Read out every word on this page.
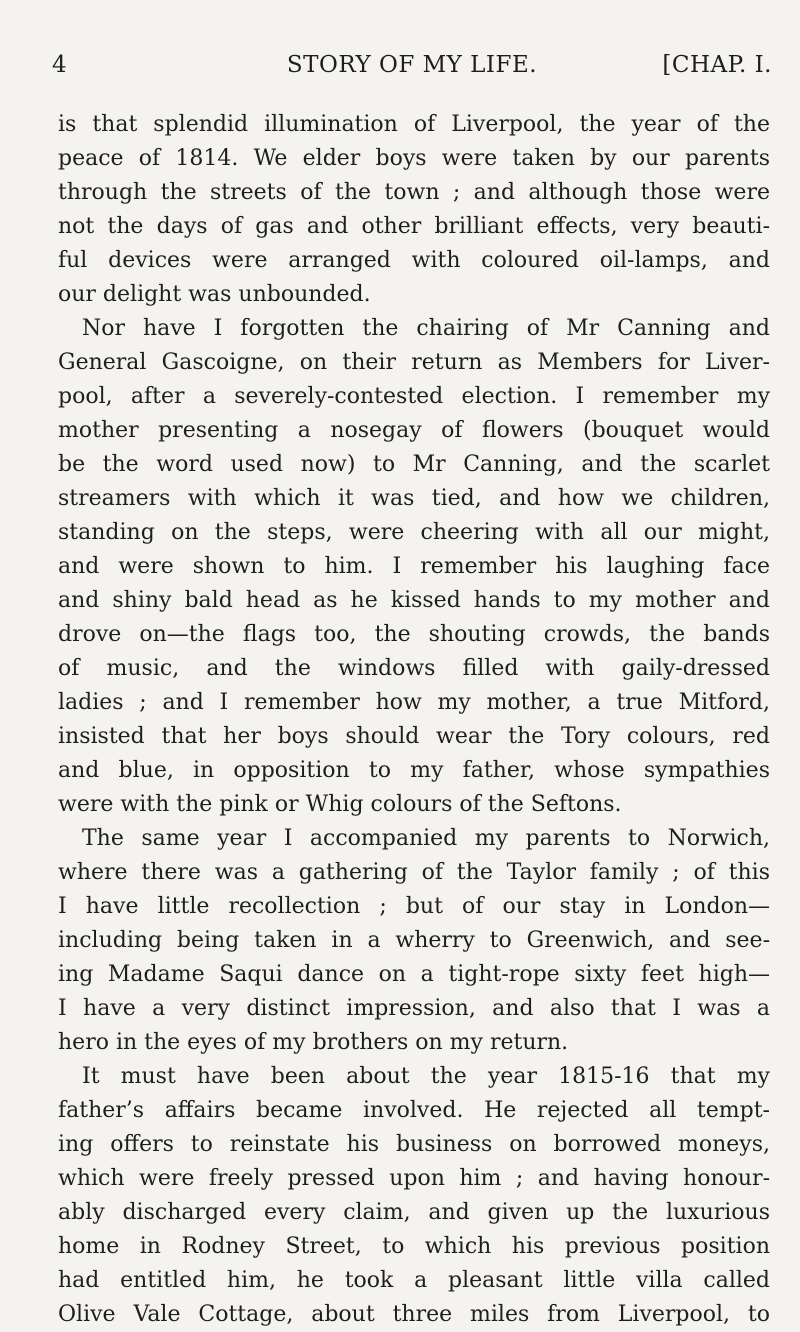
4	STORY OF MY LIFE.	[CHAP. I.
is that splendid illumination of Liverpool, the year of the
peace of 1814. We elder boys were taken by our parents
through the streets of the town ; and although those were
not the days of gas and other brilliant effects, very beauti-
ful devices were arranged with coloured oil-lamps, and
our delight was unbounded.
Nor have I forgotten the chairing of Mr Canning and
General Gascoigne, on their return as Members for Liver-
pool, after a severely-contested election. I remember my
mother presenting a nosegay of flowers (bouquet would
be the word used now) to Mr Canning, and the scarlet
streamers with which it was tied, and how we children,
standing on the steps, were cheering with all our might,
and were shown to him. I remember his laughing face
and shiny bald head as he kissed hands to my mother and
drove on—the flags too, the shouting crowds, the bands
of music, and the windows filled with gaily-dressed
ladies ; and I remember how my mother, a true Mitford,
insisted that her boys should wear the Tory colours, red
and blue, in opposition to my father, whose sympathies
were with the pink or Whig colours of the Seftons.
The same year I accompanied my parents to Norwich,
where there was a gathering of the Taylor family ; of this
I have little recollection ; but of our stay in London—
including being taken in a wherry to Greenwich, and see-
ing Madame Saqui dance on a tight-rope sixty feet high—
I have a very distinct impression, and also that I was a
hero in the eyes of my brothers on my return.
It must have been about the year 1815-16 that my
father’s affairs became involved. He rejected all tempt-
ing offers to reinstate his business on borrowed moneys,
which were freely pressed upon him ; and having honour-
ably discharged every claim, and given up the luxurious
home in Rodney Street, to which his previous position
had entitled him, he took a pleasant little villa called
Olive Vale Cottage, about three miles from Liverpool, to
